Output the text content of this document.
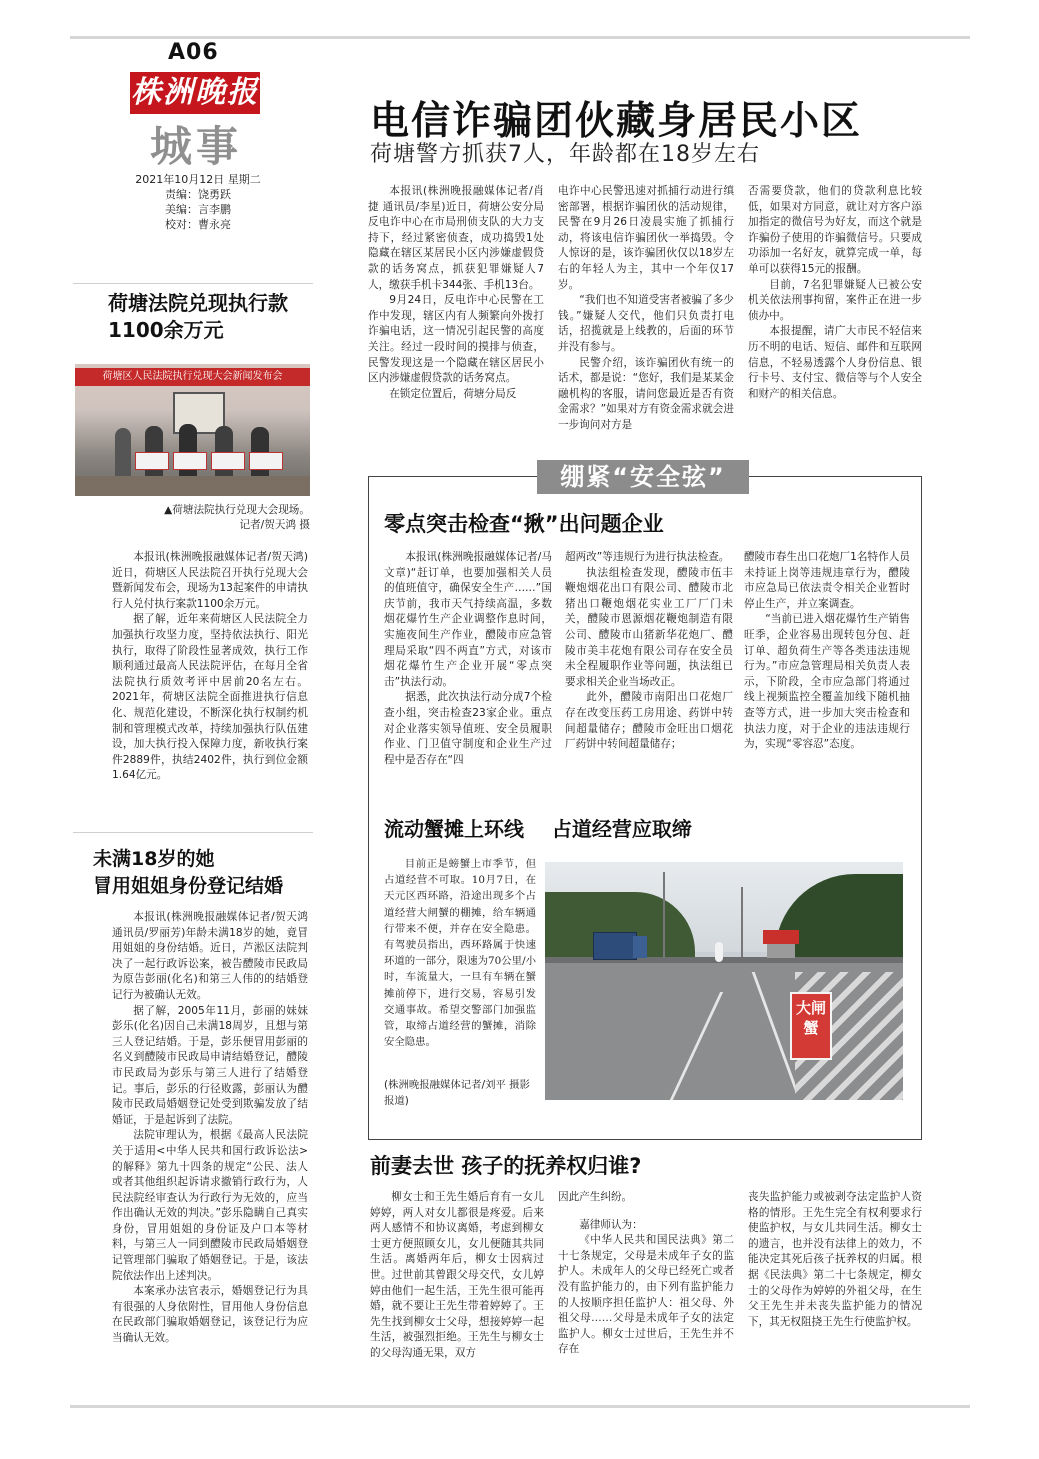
A06
株洲晚报
城事
2021年10月12日 星期二
责编：饶勇跃
美编：言李鹏
校对：曹永亮
电信诈骗团伙藏身居民小区
荷塘警方抓获7人，年龄都在18岁左右

本报讯(株洲晚报融媒体记者/肖捷 通讯员/李星)近日，荷塘公安分局反电诈中心在市局刑侦支队的大力支持下，经过紧密侦查，成功捣毁1处隐藏在辖区某居民小区内涉嫌虚假贷款的话务窝点，抓获犯罪嫌疑人7人，缴获手机卡344张、手机13台。

9月24日，反电诈中心民警在工作中发现，辖区内有人频繁向外拨打诈骗电话，这一情况引起民警的高度关注。经过一段时间的摸排与侦查，民警发现这是一个隐藏在辖区居民小区内涉嫌虚假贷款的话务窝点。

在锁定位置后，荷塘分局反

电诈中心民警迅速对抓捕行动进行缜密部署，根据诈骗团伙的活动规律，民警在9月26日凌晨实施了抓捕行动，将该电信诈骗团伙一举捣毁。令人惊讶的是，该诈骗团伙仅以18岁左右的年轻人为主，其中一个年仅17岁。

“我们也不知道受害者被骗了多少钱。”嫌疑人交代，他们只负责打电话，招揽就是上线教的，后面的环节并没有参与。

民警介绍，该诈骗团伙有统一的话术，都是说：“您好，我们是某某金融机构的客服，请问您最近是否有资金需求？”如果对方有资金需求就会进一步询问对方是

否需要贷款，他们的贷款利息比较低，如果对方同意，就让对方客户添加指定的微信号为好友，而这个就是诈骗份子使用的诈骗微信号。只要成功添加一名好友，就算完成一单，每单可以获得15元的报酬。

目前，7名犯罪嫌疑人已被公安机关依法刑事拘留，案件正在进一步侦办中。

本报提醒，请广大市民不轻信来历不明的电话、短信、邮件和互联网信息，不轻易透露个人身份信息、银行卡号、支付宝、微信等与个人安全和财产的相关信息。

荷塘法院兑现执行款
1100余万元
荷塘区人民法院执行兑现大会新闻发布会
▲荷塘法院执行兑现大会现场。
记者/贺天鸿 摄

本报讯(株洲晚报融媒体记者/贺天鸿)近日，荷塘区人民法院召开执行兑现大会暨新闻发布会，现场为13起案件的申请执行人兑付执行案款1100余万元。

据了解，近年来荷塘区人民法院全力加强执行攻坚力度，坚持依法执行、阳光执行，取得了阶段性显著成效，执行工作顺利通过最高人民法院评估，在每月全省法院执行质效考评中居前20名左右。2021年，荷塘区法院全面推进执行信息化、规范化建设，不断深化执行权制约机制和管理模式改革，持续加强执行队伍建设，加大执行投入保障力度，新收执行案件2889件，执结2402件，执行到位金额1.64亿元。

未满18岁的她
冒用姐姐身份登记结婚

本报讯(株洲晚报融媒体记者/贺天鸿 通讯员/罗丽芳)年龄未满18岁的她，竟冒用姐姐的身份结婚。近日，芦淞区法院判决了一起行政诉讼案，被告醴陵市民政局为原告彭丽(化名)和第三人伟的的结婚登记行为被确认无效。

据了解，2005年11月，彭丽的妹妹彭乐(化名)因自己未满18周岁，且想与第三人登记结婚。于是，彭乐便冒用彭丽的名义到醴陵市民政局申请结婚登记，醴陵市民政局为彭乐与第三人进行了结婚登记。事后，彭乐的行径败露，彭丽认为醴陵市民政局婚姻登记处受到欺骗发放了结婚证，于是起诉到了法院。

法院审理认为，根据《最高人民法院关于适用<中华人民共和国行政诉讼法>的解释》第九十四条的规定“公民、法人或者其他组织起诉请求撤销行政行为，人民法院经审查认为行政行为无效的，应当作出确认无效的判决。”彭乐隐瞒自己真实身份，冒用姐姐的身份证及户口本等材料，与第三人一同到醴陵市民政局婚姻登记管理部门骗取了婚姻登记。于是，该法院依法作出上述判决。

本案承办法官表示，婚姻登记行为具有很强的人身依附性，冒用他人身份信息在民政部门骗取婚姻登记，该登记行为应当确认无效。

绷紧“安全弦”
零点突击检查“揪”出问题企业

本报讯(株洲晚报融媒体记者/马文章)“赶订单，也要加强相关人员的值班值守，确保安全生产……”国庆节前，我市天气持续高温，多数烟花爆竹生产企业调整作息时间，实施夜间生产作业，醴陵市应急管理局采取“四不两直”方式，对该市烟花爆竹生产企业开展“零点突击”执法行动。

据悉，此次执法行动分成7个检查小组，突击检查23家企业。重点对企业落实领导值班、安全员履职作业、门卫值守制度和企业生产过程中是否存在“四

超两改”等违规行为进行执法检查。

执法组检查发现，醴陵市伍丰鞭炮烟花出口有限公司、醴陵市北猪出口鞭炮烟花实业工厂厂门未关，醴陵市恩源烟花鞭炮制造有限公司、醴陵市山猪新华花炮厂、醴陵市美丰花炮有限公司存在安全员未全程履职作业等问题，执法组已要求相关企业当场改正。

此外，醴陵市南阳出口花炮厂存在改变压药工房用途、药饼中转间超量储存；醴陵市金旺出口烟花厂药饼中转间超量储存；

醴陵市春生出口花炮厂1名特作人员未持证上岗等违规违章行为，醴陵市应急局已依法责令相关企业暂时停止生产，并立案调查。

“当前已进入烟花爆竹生产销售旺季，企业容易出现转包分包、赶订单、超负荷生产等各类违法违规行为。”市应急管理局相关负责人表示，下阶段，全市应急部门将通过线上视频监控全覆盖加线下随机抽查等方式，进一步加大突击检查和执法力度，对于企业的违法违规行为，实现“零容忍”态度。

流动蟹摊上环线    占道经营应取缔

目前正是螃蟹上市季节，但占道经营不可取。10月7日，在天元区西环路，沿途出现多个占道经营大闸蟹的棚摊，给车辆通行带来不便，并存在安全隐患。有驾驶员指出，西环路属于快速环道的一部分，限速为70公里/小时，车流量大，一旦有车辆在蟹摊前停下，进行交易，容易引发交通事故。希望交警部门加强监管，取缔占道经营的蟹摊，消除安全隐患。

(株洲晚报融媒体记者/刘平 摄影报道)
大闸蟹
前妻去世 孩子的抚养权归谁?

柳女士和王先生婚后育有一女儿婷婷，两人对女儿都很是疼爱。后来两人感情不和协议离婚，考虑到柳女士更方便照顾女儿，女儿便随其共同生活。离婚两年后，柳女士因病过世。过世前其曾跟父母交代，女儿婷婷由他们一起生活，王先生很可能再婚，就不要让王先生带着婷婷了。王先生找到柳女士父母，想接婷婷一起生活，被强烈拒绝。王先生与柳女士的父母沟通无果，双方

因此产生纠纷。

嘉律师认为：

《中华人民共和国民法典》第二十七条规定，父母是未成年子女的监护人。未成年人的父母已经死亡或者没有监护能力的，由下列有监护能力的人按顺序担任监护人：祖父母、外祖父母……父母是未成年子女的法定监护人。柳女士过世后，王先生并不存在

丧失监护能力或被剥夺法定监护人资格的情形。王先生完全有权利要求行使监护权，与女儿共同生活。柳女士的遗言，也并没有法律上的效力，不能决定其死后孩子抚养权的归属。根据《民法典》第二十七条规定，柳女士的父母作为婷婷的外祖父母，在生父王先生并未丧失监护能力的情况下，其无权阻挠王先生行使监护权。
